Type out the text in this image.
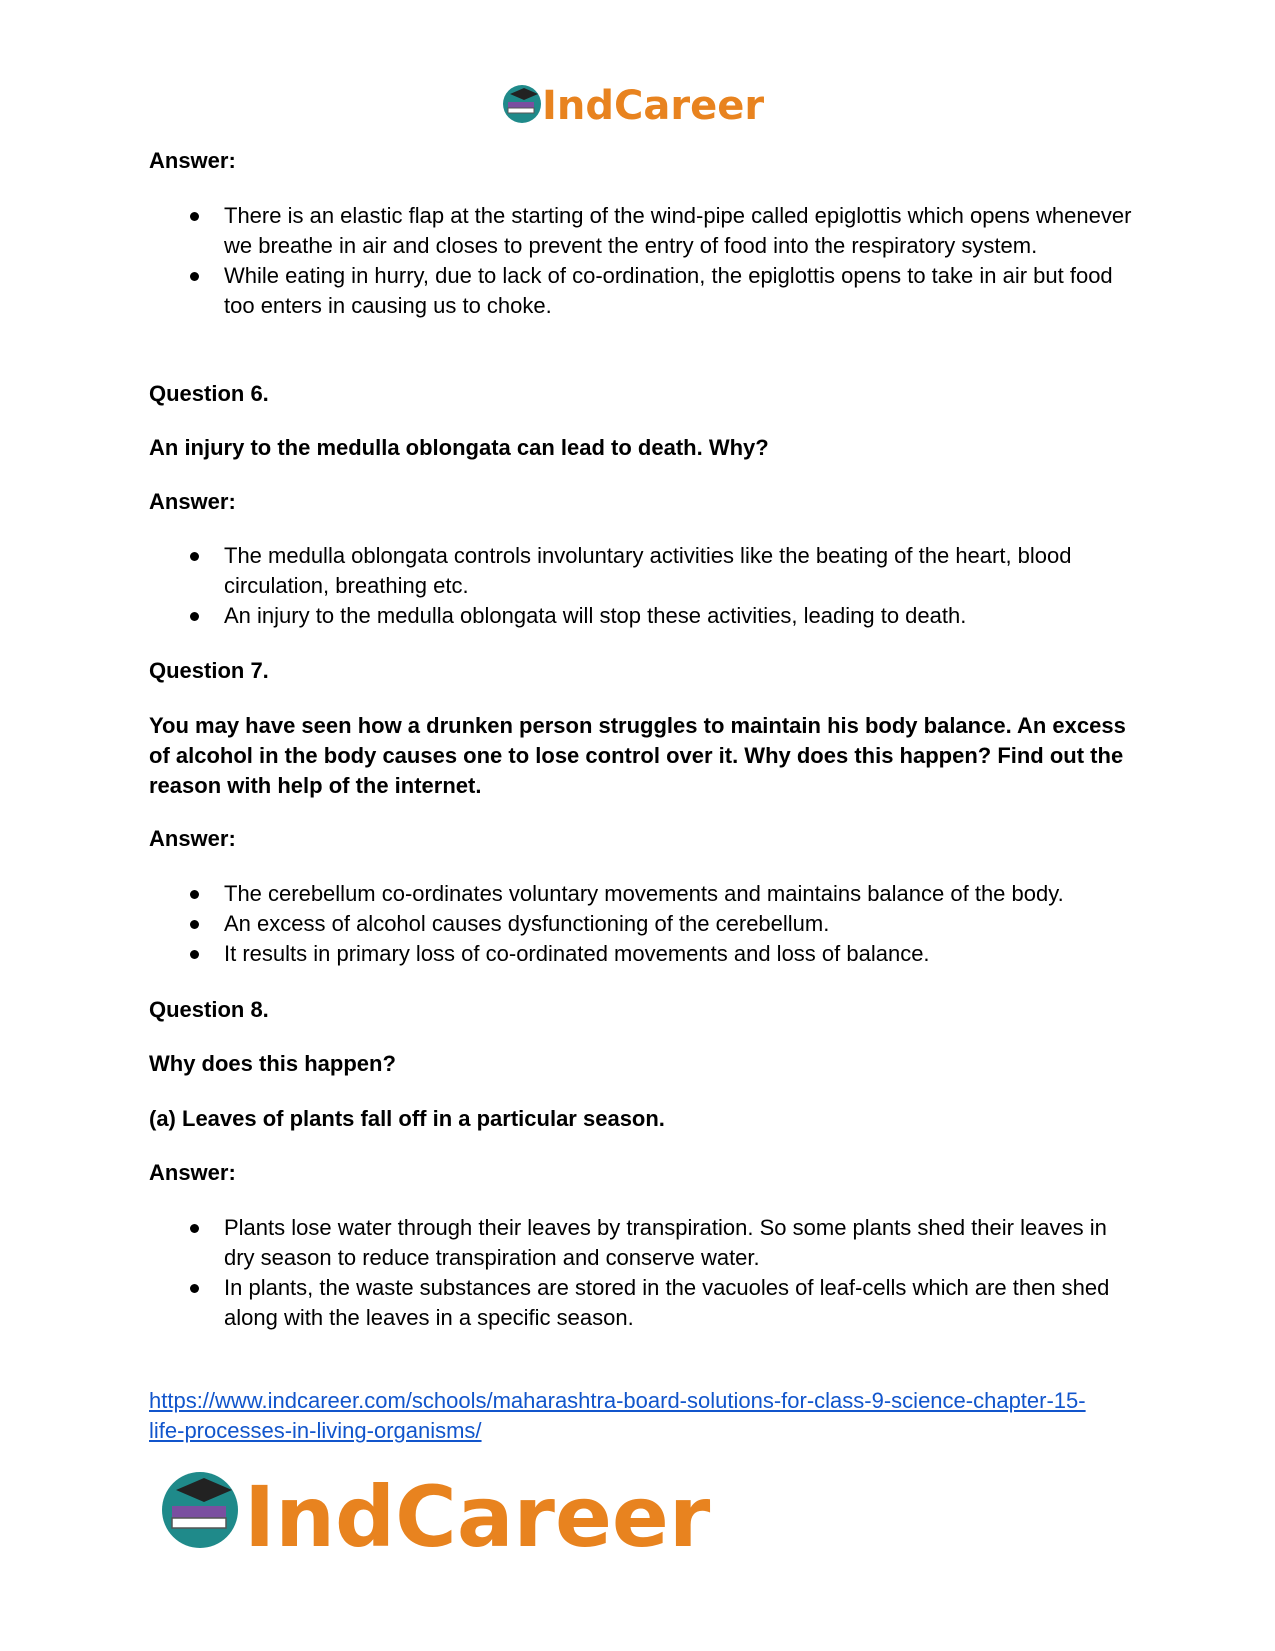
IndCareer
Answer:
There is an elastic flap at the starting of the wind-pipe called epiglottis which opens whenever we breathe in air and closes to prevent the entry of food into the respiratory system.
While eating in hurry, due to lack of co-ordination, the epiglottis opens to take in air but food too enters in causing us to choke.
Question 6.
An injury to the medulla oblongata can lead to death. Why?
Answer:
The medulla oblongata controls involuntary activities like the beating of the heart, blood circulation, breathing etc.
An injury to the medulla oblongata will stop these activities, leading to death.
Question 7.
You may have seen how a drunken person struggles to maintain his body balance. An excess of alcohol in the body causes one to lose control over it. Why does this happen? Find out the reason with help of the internet.
Answer:
The cerebellum co-ordinates voluntary movements and maintains balance of the body.
An excess of alcohol causes dysfunctioning of the cerebellum.
It results in primary loss of co-ordinated movements and loss of balance.
Question 8.
Why does this happen?
(a) Leaves of plants fall off in a particular season.
Answer:
Plants lose water through their leaves by transpiration. So some plants shed their leaves in dry season to reduce transpiration and conserve water.
In plants, the waste substances are stored in the vacuoles of leaf-cells which are then shed along with the leaves in a specific season.
https://www.indcareer.com/schools/maharashtra-board-solutions-for-class-9-science-chapter-15-
life-processes-in-living-organisms/
IndCareer
